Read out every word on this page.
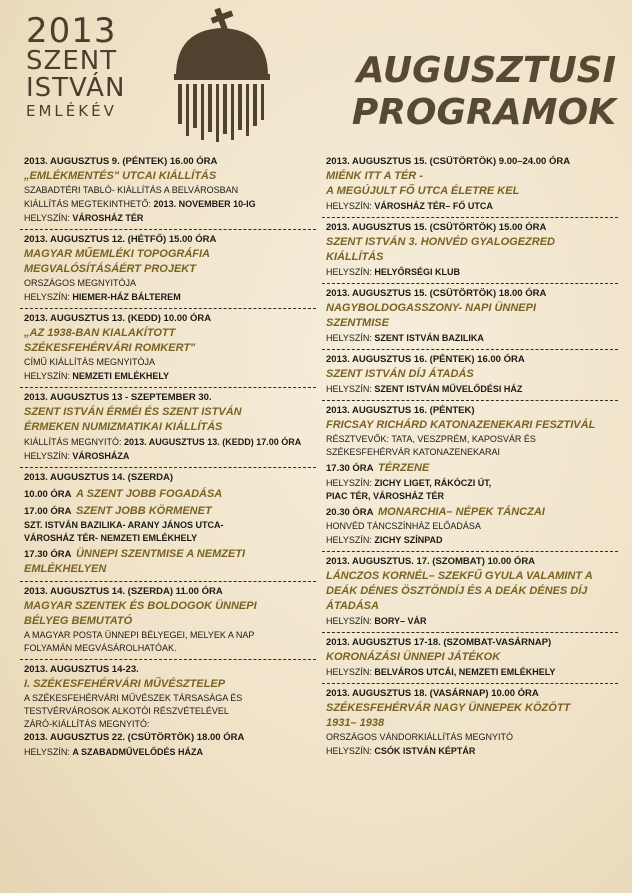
2013
SZENT
ISTVÁN
EMLÉKÉV
AUGUSZTUSI
PROGRAMOK
2013. AUGUSZTUS 9. (PÉNTEK) 16.00 ÓRA
„EMLÉKMENTÉS" UTCAI KIÁLLÍTÁS
SZABADTÉRI TABLÓ- KIÁLLÍTÁS A BELVÁROSBAN
KIÁLLÍTÁS MEGTEKINTHETŐ: 2013. NOVEMBER 10-IG
HELYSZÍN: VÁROSHÁZ TÉR
2013. AUGUSZTUS 12. (HÉTFŐ) 15.00 ÓRA
MAGYAR MŰEMLÉKI TOPOGRÁFIA
MEGVALÓSÍTÁSÁÉRT PROJEKT
ORSZÁGOS MEGNYITÓJA
HELYSZÍN: HIEMER-HÁZ BÁLTEREM
2013. AUGUSZTUS 13. (KEDD) 10.00 ÓRA
„AZ 1938-BAN KIALAKÍTOTT
SZÉKESFEHÉRVÁRI ROMKERT"
CÍMŰ KIÁLLÍTÁS MEGNYITÓJA
HELYSZÍN: NEMZETI EMLÉKHELY
2013. AUGUSZTUS 13 - SZEPTEMBER 30.
SZENT ISTVÁN ÉRMÉI ÉS SZENT ISTVÁN
ÉRMEKEN NUMIZMATIKAI KIÁLLÍTÁS
KIÁLLÍTÁS MEGNYITÓ: 2013. AUGUSZTUS 13. (KEDD) 17.00 ÓRA
HELYSZÍN: VÁROSHÁZA
2013. AUGUSZTUS 14. (SZERDA)
10.00 ÓRA A SZENT JOBB FOGADÁSA
17.00 ÓRA SZENT JOBB KÖRMENET
SZT. ISTVÁN BAZILIKA- ARANY JÁNOS UTCA-
VÁROSHÁZ TÉR- NEMZETI EMLÉKHELY
17.30 ÓRA ÜNNEPI SZENTMISE A NEMZETI
EMLÉKHELYEN
2013. AUGUSZTUS 14. (SZERDA) 11.00 ÓRA
MAGYAR SZENTEK ÉS BOLDOGOK ÜNNEPI
BÉLYEG BEMUTATÓ
A MAGYAR POSTA ÜNNEPI BÉLYEGEI, MELYEK A NAP
FOLYAMÁN MEGVÁSÁROLHATÓAK.
2013. AUGUSZTUS 14-23.
I. SZÉKESFEHÉRVÁRI MŰVÉSZTELEP
A SZÉKESFEHÉRVÁRI MŰVÉSZEK TÁRSASÁGA ÉS
TESTVÉRVÁROSOK ALKOTÓI RÉSZVÉTELÉVEL
ZÁRÓ-KIÁLLÍTÁS MEGNYITÓ:
2013. AUGUSZTUS 22. (CSÜTÖRTÖK) 18.00 ÓRA
HELYSZÍN: A SZABADMŰVELŐDÉS HÁZA
2013. AUGUSZTUS 15. (CSÜTÖRTÖK) 9.00–24.00 ÓRA
MIÉNK ITT A TÉR -
A MEGÚJULT FŐ UTCA ÉLETRE KEL
HELYSZÍN: VÁROSHÁZ TÉR– FŐ UTCA
2013. AUGUSZTUS 15. (CSÜTÖRTÖK) 15.00 ÓRA
SZENT ISTVÁN 3. HONVÉD GYALOGEZRED
KIÁLLÍTÁS
HELYSZÍN: HELYŐRSÉGI KLUB
2013. AUGUSZTUS 15. (CSÜTÖRTÖK) 18.00 ÓRA
NAGYBOLDOGASSZONY- NAPI ÜNNEPI
SZENTMISE
HELYSZÍN: SZENT ISTVÁN BAZILIKA
2013. AUGUSZTUS 16. (PÉNTEK) 16.00 ÓRA
SZENT ISTVÁN DÍJ ÁTADÁS
HELYSZÍN: SZENT ISTVÁN MŰVELŐDÉSI HÁZ
2013. AUGUSZTUS 16. (PÉNTEK)
FRICSAY RICHÁRD KATONAZENEKARI FESZTIVÁL
RÉSZTVEVŐK: TATA, VESZPRÉM, KAPOSVÁR ÉS
SZÉKESFEHÉRVÁR KATONAZENEKARAI
17.30 ÓRA TÉRZENE
HELYSZÍN: ZICHY LIGET, RÁKÓCZI ÚT,
PIAC TÉR, VÁROSHÁZ TÉR
20.30 ÓRA MONARCHIA– NÉPEK TÁNCZAI
HONVÉD TÁNCSZÍNHÁZ ELŐADÁSA
HELYSZÍN: ZICHY SZÍNPAD
2013. AUGUSZTUS. 17. (SZOMBAT) 10.00 ÓRA
LÁNCZOS KORNÉL– SZEKFŰ GYULA VALAMINT A
DEÁK DÉNES ÖSZTÖNDÍJ ÉS A DEÁK DÉNES DÍJ
ÁTADÁSA
HELYSZÍN: BORY– VÁR
2013. AUGUSZTUS 17-18. (SZOMBAT-VASÁRNAP)
KORONÁZÁSI ÜNNEPI JÁTÉKOK
HELYSZÍN: BELVÁROS UTCÁI, NEMZETI EMLÉKHELY
2013. AUGUSZTUS 18. (VASÁRNAP) 10.00 ÓRA
SZÉKESFEHÉRVÁR NAGY ÜNNEPEK KÖZÖTT
1931– 1938
ORSZÁGOS VÁNDORKIÁLLÍTÁS MEGNYITÓ
HELYSZÍN: CSÓK ISTVÁN KÉPTÁR
